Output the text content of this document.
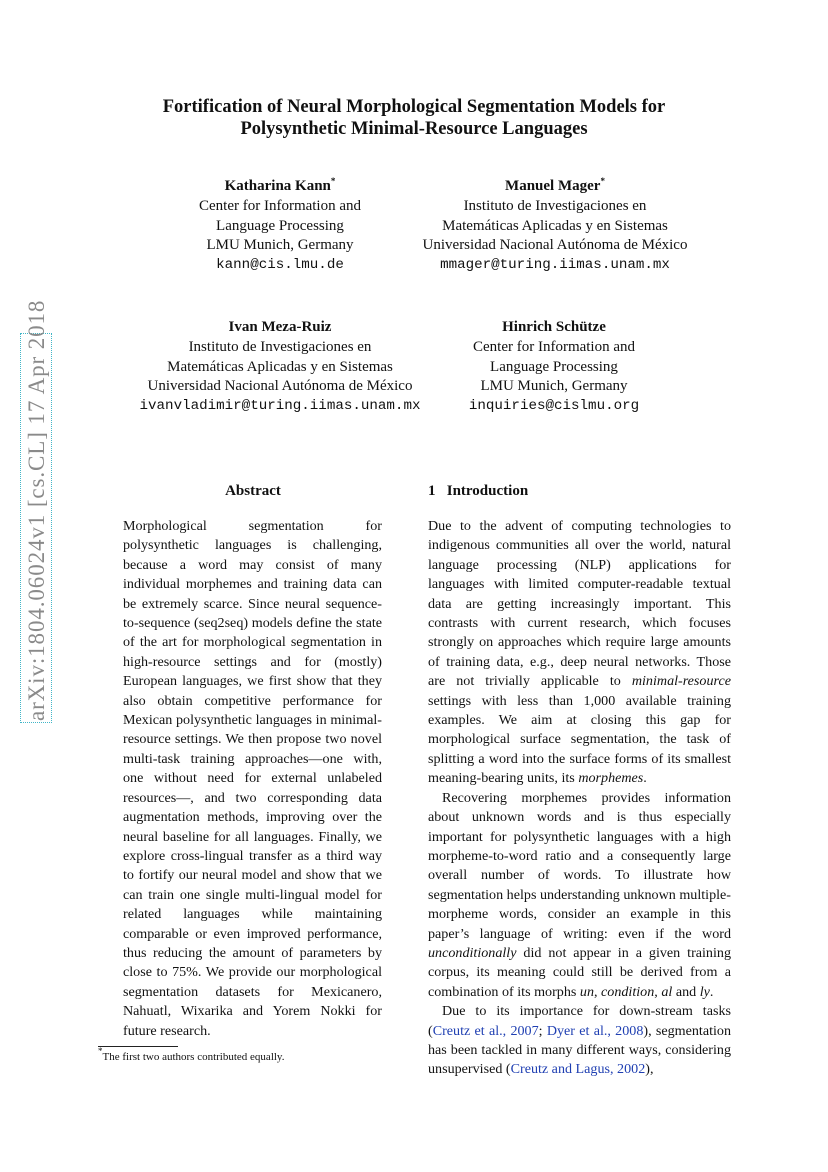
Fortification of Neural Morphological Segmentation Models for
Polysynthetic Minimal-Resource Languages
arXiv:1804.06024v1 [cs.CL] 17 Apr 2018
Katharina Kann*
Center for Information and
Language Processing
LMU Munich, Germany
kann@cis.lmu.de
Manuel Mager*
Instituto de Investigaciones en
Matemáticas Aplicadas y en Sistemas
Universidad Nacional Autónoma de México
mmager@turing.iimas.unam.mx
Ivan Meza-Ruiz
Instituto de Investigaciones en
Matemáticas Aplicadas y en Sistemas
Universidad Nacional Autónoma de México
ivanvladimir@turing.iimas.unam.mx
Hinrich Schütze
Center for Information and
Language Processing
LMU Munich, Germany
inquiries@cislmu.org
Abstract

Morphological segmentation for polysynthetic languages is challenging, because a word may consist of many individual morphemes and training data can be extremely scarce. Since neural sequence-to-sequence (seq2seq) models define the state of the art for morphological segmentation in high-resource settings and for (mostly) European languages, we first show that they also obtain competitive performance for Mexican polysynthetic languages in minimal-resource settings. We then propose two novel multi-task training approaches—one with, one without need for external unlabeled resources—, and two corresponding data augmentation methods, improving over the neural baseline for all languages. Finally, we explore cross-lingual transfer as a third way to fortify our neural model and show that we can train one single multi-lingual model for related languages while maintaining comparable or even improved performance, thus reducing the amount of parameters by close to 75%. We provide our morphological segmentation datasets for Mexicanero, Nahuatl, Wixarika and Yorem Nokki for future research.

1 Introduction

Due to the advent of computing technologies to indigenous communities all over the world, natural language processing (NLP) applications for languages with limited computer-readable textual data are getting increasingly important. This contrasts with current research, which focuses strongly on approaches which require large amounts of training data, e.g., deep neural networks. Those are not trivially applicable to minimal-resource settings with less than 1,000 available training examples. We aim at closing this gap for morphological surface segmentation, the task of splitting a word into the surface forms of its smallest meaning-bearing units, its morphemes.

Recovering morphemes provides information about unknown words and is thus especially important for polysynthetic languages with a high morpheme-to-word ratio and a consequently large overall number of words. To illustrate how segmentation helps understanding unknown multiple-morpheme words, consider an example in this paper’s language of writing: even if the word unconditionally did not appear in a given training corpus, its meaning could still be derived from a combination of its morphs un, condition, al and ly.

Due to its importance for down-stream tasks (Creutz et al., 2007; Dyer et al., 2008), segmentation has been tackled in many different ways, considering unsupervised (Creutz and Lagus, 2002),

*The first two authors contributed equally.
